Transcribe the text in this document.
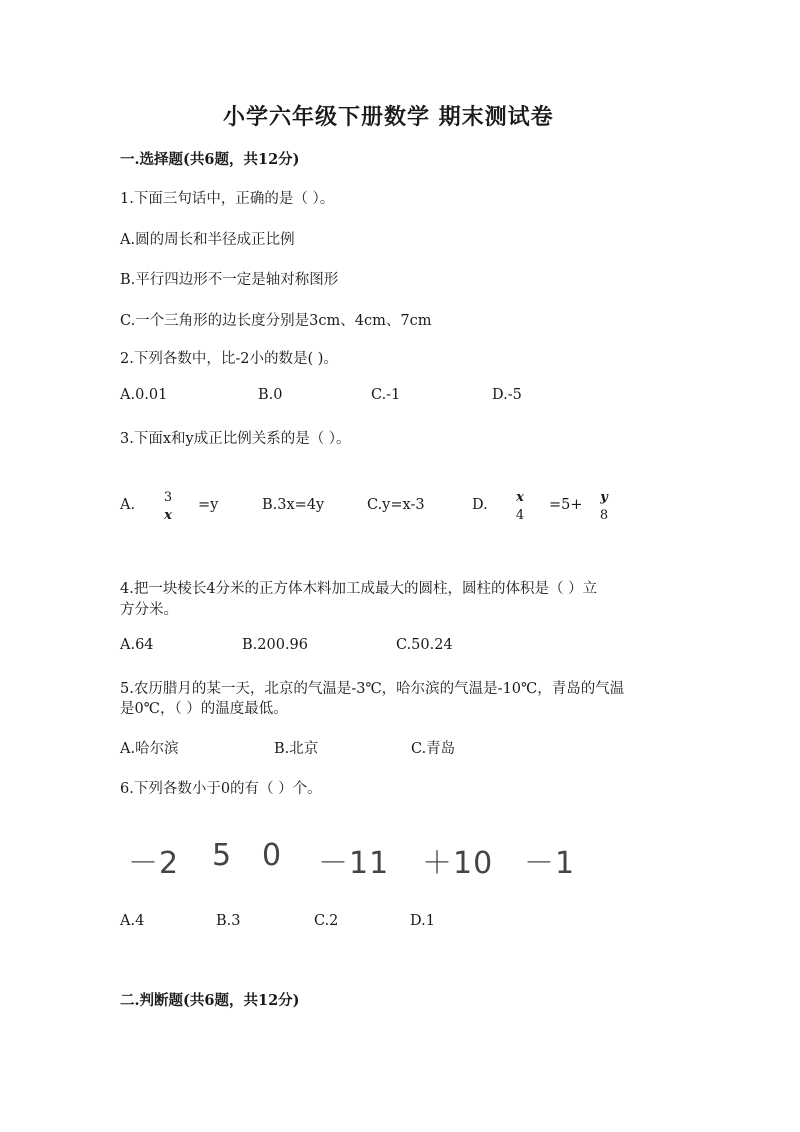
小学六年级下册数学 期末测试卷
一.选择题(共6题，共12分)
1.下面三句话中，正确的是（ ）。
A.圆的周长和半径成正比例
B.平行四边形不一定是轴对称图形
C.一个三角形的边长度分别是3cm、4cm、7cm
2.下列各数中，比-2小的数是( )。
A.0.01	B.0	C.-1	D.-5
3.下面x和y成正比例关系的是（ ）。
A. 3
x
=y	B.3x=4y	C.y=x-3	D.	x
4
=5+	y
8
4.把一块棱长4分米的正方体木料加工成最大的圆柱，圆柱的体积是（ ）立
方分米。
A.64	B.200.96	C.50.24
5.农历腊月的某一天，北京的气温是-3℃，哈尔滨的气温是-10℃，青岛的气温
是0℃，（ ）的温度最低。
A.哈尔滨	B.北京	C.青岛
6.下列各数小于0的有（ ）个。
－2 5 0 －11 ＋10 －1
A.4	B.3	C.2	D.1
二.判断题(共6题，共12分)
